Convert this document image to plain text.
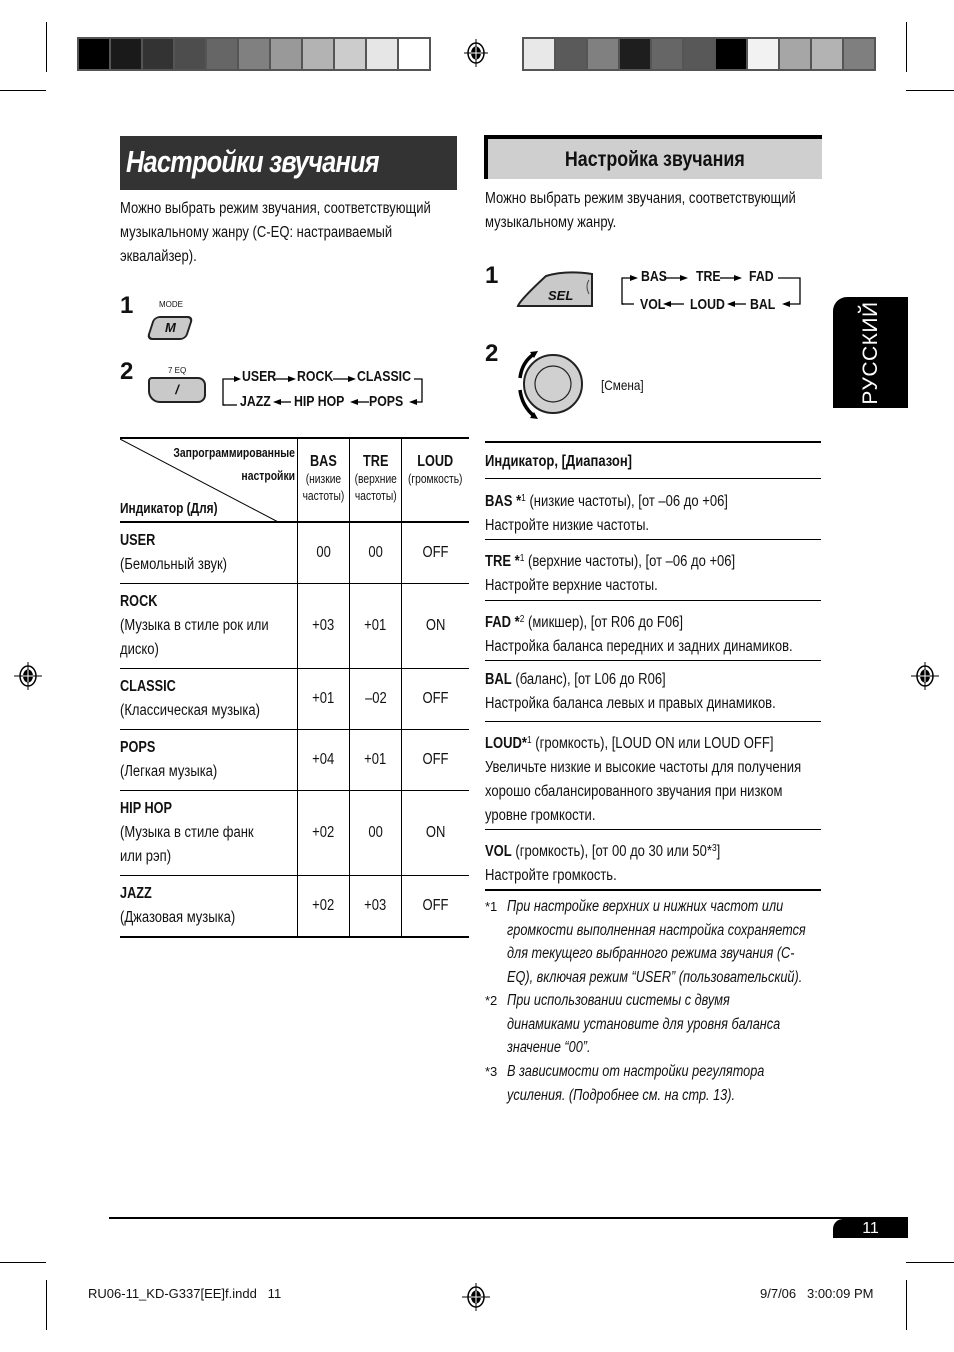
Настройки звучания
Можно выбрать режим звучания, соответствующий
музыкальному жанру (C-EQ: настраиваемый
эквалайзер).
1	MODE
M
2	7 EQ
/
USER	ROCK	CLASSIC
JAZZ	HIP HOP	POPS
Запрограммированные
настройки
Индикатор (Для)

BAS
(низкие
частоты)

TRE
(верхние
частоты)

LOUD
(громкость)

USER
(Бемольный звук)	00	00	OFF
ROCK
(Музыка в стиле рок или
диско)	+03	+01	ON
CLASSIC
(Классическая музыка)	+01	–02	OFF
POPS
(Легкая музыка)	+04	+01	OFF
HIP HOP
(Музыка в стиле фанк
или рэп)	+02	00	ON
JAZZ
(Джазовая музыка)	+02	+03	OFF
Настройка звучания
Можно выбрать режим звучания, соответствующий
музыкальному жанру.
1
SEL
BAS	TRE	FAD
VOL	LOUD	BAL
2
[Смена]
Индикатор, [Диапазон]
BAS *$^1$ (низкие частоты), [от –06 до +06]
Настройте низкие частоты.
TRE *$^1$ (верхние частоты), [от –06 до +06]
Настройте верхние частоты.
FAD *$^2$ (микшер), [от R06 до F06]
Настройка баланса передних и задних динамиков.
BAL (баланс), [от L06 до R06]
Настройка баланса левых и правых динамиков.
LOUD*$^1$ (громкость), [LOUD ON или LOUD OFF]
Увеличьте низкие и высокие частоты для получения
хорошо сбалансированного звучания при низком
уровне громкости.
VOL (громкость), [от 00 до 30 или 50*$^3$]
Настройте громкость.
*1 При настройке верхних и нижних частот или
громкости выполненная настройка сохраняется
для текущего выбранного режима звучания (C-
EQ), включая режим “USER” (пользовательский).
*2 При использовании системы с двумя
динамиками установите для уровня баланса
значение “00”.
*3 В зависимости от настройки регулятора
усиления. (Подробнее см. на стр. 13).
РУССКИЙ
11
RU06-11_KD-G337[EE]f.indd   11	9/7/06   3:00:09 PM
